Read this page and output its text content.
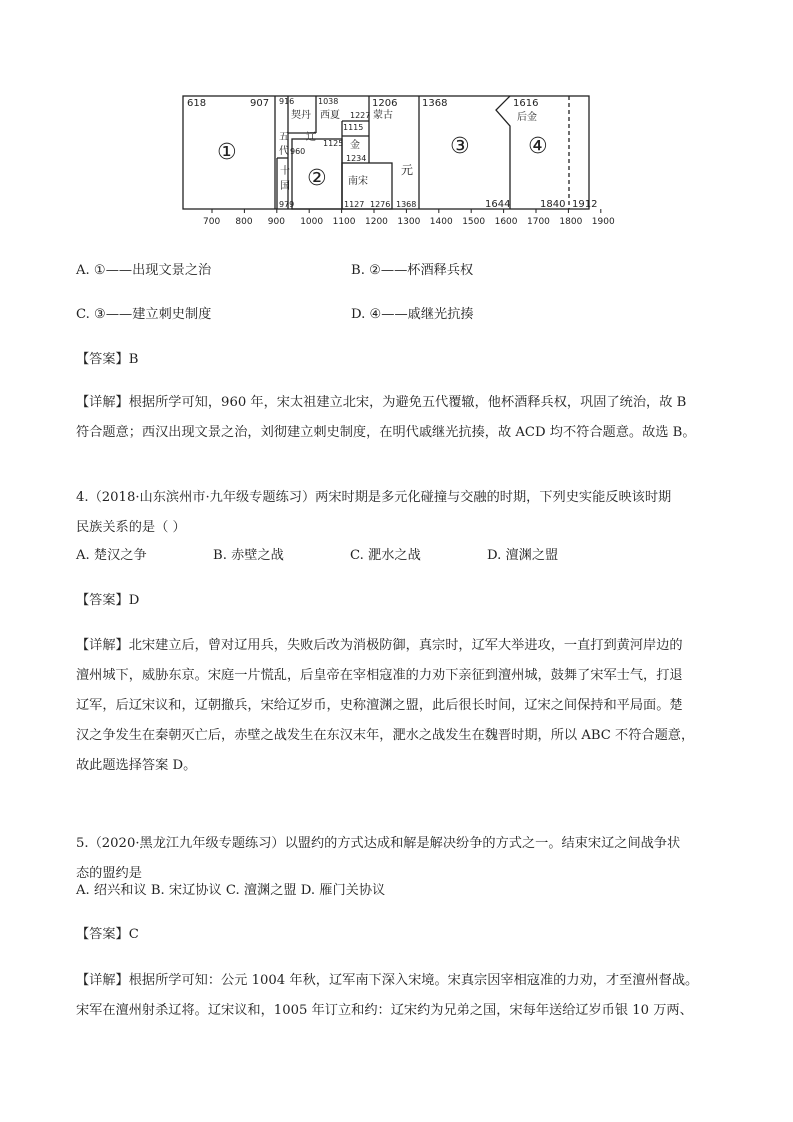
①
②
③	④
618	907 916
960
979
1038
1227
1115
1125
1234
1127 1276
1206
1368
1368	1616
1644	1840 1912
契丹 西夏	蒙古
五
代
辽
金
十
国	南宋
元
后金
700 800 900 1000 1100 1200 1300 1400 1500 1600 1700 1800 1900

A. ①——出现文景之治	B. ②——杯酒释兵权

C. ③——建立刺史制度	D. ④——戚继光抗揍

【答案】B

【详解】根据所学可知，960 年，宋太祖建立北宋，为避免五代覆辙，他杯酒释兵权，巩固了统治，故 B
符合题意；西汉出现文景之治，刘彻建立刺史制度，在明代戚继光抗揍，故 ACD 均不符合题意。故选 B。

4.（2018·山东滨州市·九年级专题练习）两宋时期是多元化碰撞与交融的时期，下列史实能反映该时期
民族关系的是（ ）

A. 楚汉之争	B. 赤壁之战	C. 淝水之战	D. 澶渊之盟

【答案】D

【详解】北宋建立后，曾对辽用兵，失败后改为消极防御，真宗时，辽军大举进攻，一直打到黄河岸边的
澶州城下，威胁东京。宋庭一片慌乱，后皇帝在宰相寇准的力劝下亲征到澶州城，鼓舞了宋军士气，打退
辽军，后辽宋议和，辽朝撤兵，宋给辽岁币，史称澶渊之盟，此后很长时间，辽宋之间保持和平局面。楚
汉之争发生在秦朝灭亡后，赤壁之战发生在东汉末年，淝水之战发生在魏晋时期，所以 ABC 不符合题意，
故此题选择答案 D。

5.（2020·黑龙江九年级专题练习）以盟约的方式达成和解是解决纷争的方式之一。结束宋辽之间战争状
态的盟约是

A. 绍兴和议 B. 宋辽协议 C. 澶渊之盟 D. 雁门关协议

【答案】C

【详解】根据所学可知：公元 1004 年秋，辽军南下深入宋境。宋真宗因宰相寇准的力劝，才至澶州督战。
宋军在澶州射杀辽将。辽宋议和，1005 年订立和约：辽宋约为兄弟之国，宋每年送给辽岁币银 10 万两、
